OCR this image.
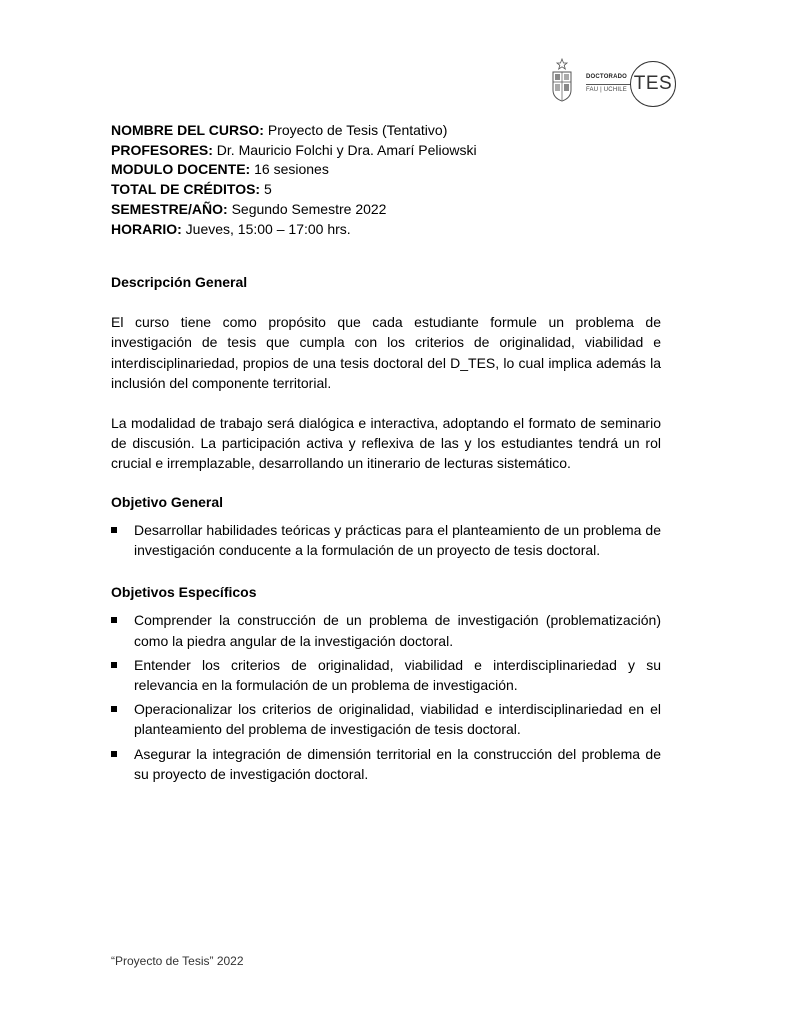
DOCTORADO
FAU | UCHILE TES
NOMBRE DEL CURSO: Proyecto de Tesis (Tentativo)
PROFESORES: Dr. Mauricio Folchi y Dra. Amarí Peliowski
MODULO DOCENTE: 16 sesiones
TOTAL DE CRÉDITOS: 5
SEMESTRE/AÑO: Segundo Semestre 2022
HORARIO: Jueves, 15:00 – 17:00 hrs.
Descripción General

El curso tiene como propósito que cada estudiante formule un problema de investigación de tesis que cumpla con los criterios de originalidad, viabilidad e interdisciplinariedad, propios de una tesis doctoral del D_TES, lo cual implica además la inclusión del componente territorial.

La modalidad de trabajo será dialógica e interactiva, adoptando el formato de seminario de discusión. La participación activa y reflexiva de las y los estudiantes tendrá un rol crucial e irremplazable, desarrollando un itinerario de lecturas sistemático.

Objetivo General
Desarrollar habilidades teóricas y prácticas para el planteamiento de un problema de investigación conducente a la formulación de un proyecto de tesis doctoral.
Objetivos Específicos
Comprender la construcción de un problema de investigación (problematización) como la piedra angular de la investigación doctoral.
Entender los criterios de originalidad, viabilidad e interdisciplinariedad y su relevancia en la formulación de un problema de investigación.
Operacionalizar los criterios de originalidad, viabilidad e interdisciplinariedad en el planteamiento del problema de investigación de tesis doctoral.
Asegurar la integración de dimensión territorial en la construcción del problema de su proyecto de investigación doctoral.
“Proyecto de Tesis” 2022
